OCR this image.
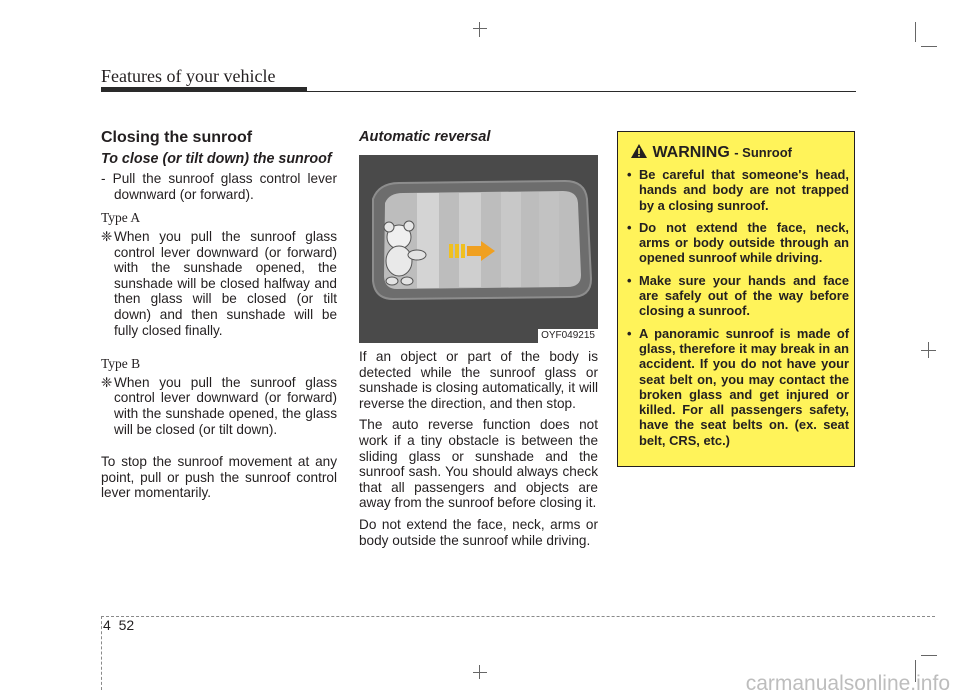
Features of your vehicle

Closing the sunroof

To close (or tilt down) the sunroof

- Pull the sunroof glass control lever downward (or forward).

Type A

❈ When you pull the sunroof glass control lever downward (or forward) with the sunshade opened, the sunshade will be closed halfway and then glass will be closed (or tilt down) and then sunshade will be fully closed finally.

Type B

❈ When you pull the sunroof glass control lever downward (or forward) with the sunshade opened, the glass will be closed (or tilt down).

To stop the sunroof movement at any point, pull or push the sunroof control lever momentarily.

Automatic reversal

OYF049215

If an object or part of the body is detected while the sunroof glass or sunshade is closing automatically, it will reverse the direction, and then stop.

The auto reverse function does not work if a tiny obstacle is between the sliding glass or sunshade and the sunroof sash. You should always check that all passengers and objects are away from the sunroof before closing it.

Do not extend the face, neck, arms or body outside the sunroof while driving.

WARNING - Sunroof
• Be careful that someone's head, hands and body are not trapped by a closing sunroof.
• Do not extend the face, neck, arms or body outside through an opened sunroof while driving.
• Make sure your hands and face are safely out of the way before closing a sunroof.
• A panoramic sunroof is made of glass, therefore it may break in an accident. If you do not have your seat belt on, you may contact the broken glass and get injured or killed. For all passengers safety, have the seat belts on. (ex. seat belt, CRS, etc.)
4 52
carmanualsonline.info
